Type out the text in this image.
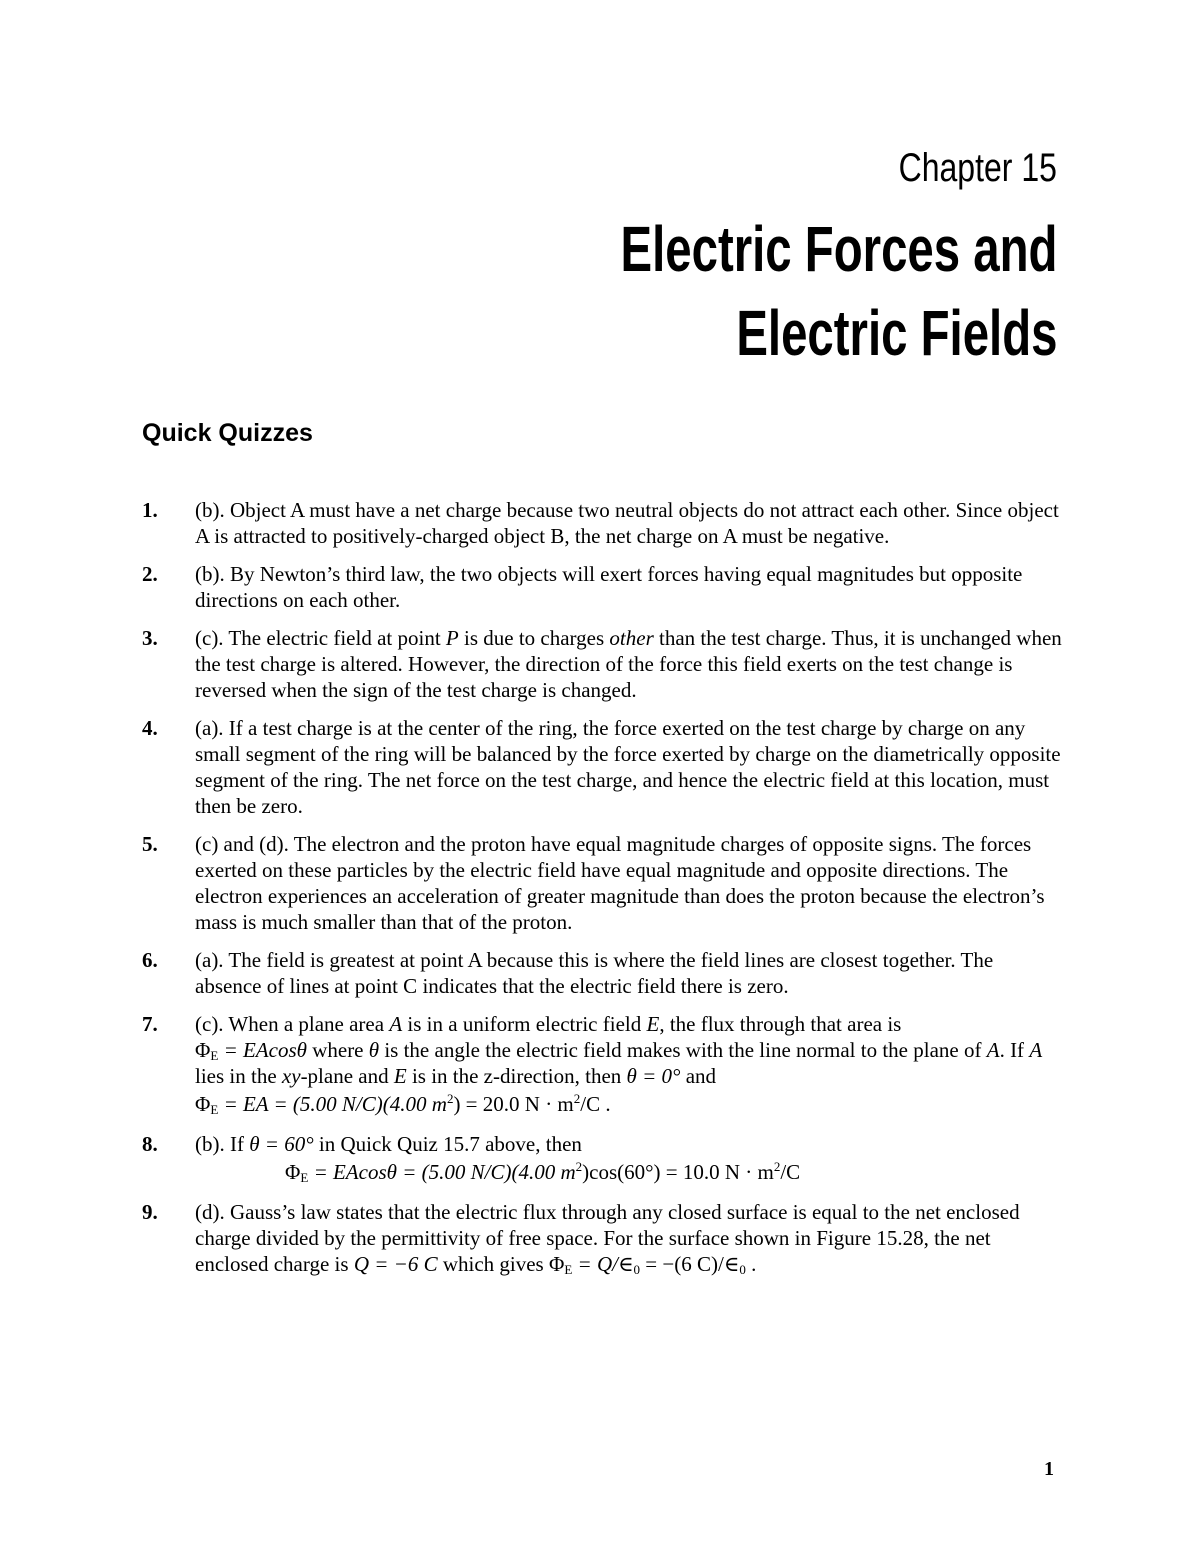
Chapter 15
Electric Forces and
Electric Fields
Quick Quizzes
1. (b). Object A must have a net charge because two neutral objects do not attract each other. Since object A is attracted to positively-charged object B, the net charge on A must be negative.
2. (b). By Newton’s third law, the two objects will exert forces having equal magnitudes but opposite directions on each other.
3. (c). The electric field at point P is due to charges other than the test charge. Thus, it is unchanged when the test charge is altered. However, the direction of the force this field exerts on the test change is reversed when the sign of the test charge is changed.
4. (a). If a test charge is at the center of the ring, the force exerted on the test charge by charge on any small segment of the ring will be balanced by the force exerted by charge on the diametrically opposite segment of the ring. The net force on the test charge, and hence the electric field at this location, must then be zero.
5. (c) and (d). The electron and the proton have equal magnitude charges of opposite signs. The forces exerted on these particles by the electric field have equal magnitude and opposite directions. The electron experiences an acceleration of greater magnitude than does the proton because the electron’s mass is much smaller than that of the proton.
6. (a). The field is greatest at point A because this is where the field lines are closest together. The absence of lines at point C indicates that the electric field there is zero.
7. (c). When a plane area A is in a uniform electric field E, the flux through that area is
$\Phi_E = EAcos\theta$ where θ is the angle the electric field makes with the line normal to the plane of A. If A lies in the xy-plane and E is in the z-direction, then θ = 0° and
$\Phi_E$ = EA = (5.00 N/C)(4.00 $m^2) = 20.0$ $N \cdot m^2/C$ .
8. (b). If θ = 60° in Quick Quiz 15.7 above, then
$\Phi_E = EAcos\theta = (5.00$ N/C)(4.00 $m^2)\cos(60^\circ) = 10.0$ $N \cdot m^2/C$
9. (d). Gauss’s law states that the electric flux through any closed surface is equal to the net enclosed charge divided by the permittivity of free space. For the surface shown in Figure 15.28, the net enclosed charge is Q = −6 C which gives $\Phi_E$ = $Q/\in_0 = -(6$ $C)/\in_0$ .
1
